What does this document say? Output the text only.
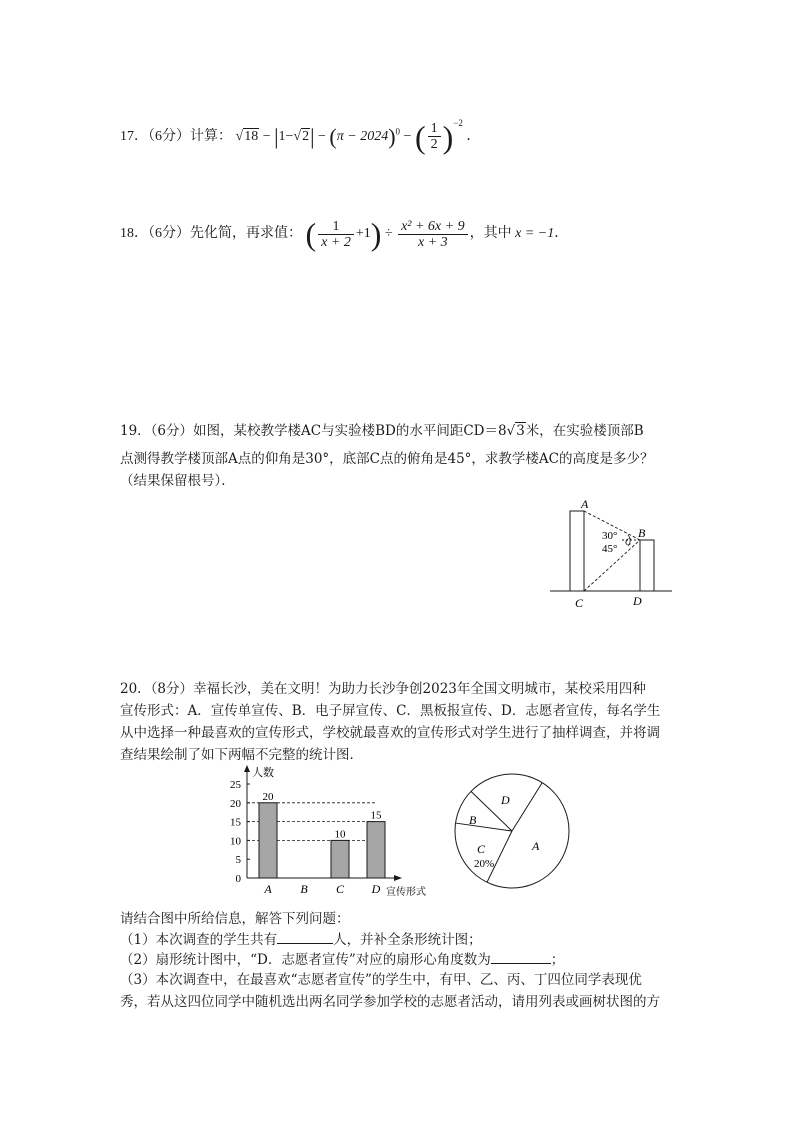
17．（6分）计算： $√18 - |1-√2| - (\pi - 2024)^0$ − ( $\frac{1}{2} )^{-2}$ ．
18．（6分）先化简，再求值： ( $\frac{1}{x + 2} +1) \div \frac{\text{x² + 6x + 9}}{x + 3}$ ，其中 x = −1．
19．（6分）如图，某校教学楼AC与实验楼BD的水平间距CD＝8√3米，在实验楼顶部B
点测得教学楼顶部A点的仰角是30°，底部C点的俯角是45°，求教学楼AC的高度是多少？
（结果保留根号）．
A
B
C
30°
45°
C	D
20．（8分）幸福长沙，美在文明！为助力长沙争创2023年全国文明城市，某校采用四种
宣传形式：A．宣传单宣传、B．电子屏宣传、C．黑板报宣传、D．志愿者宣传，每名学生
从中选择一种最喜欢的宣传形式，学校就最喜欢的宣传形式对学生进行了抽样调查，并将调
查结果绘制了如下两幅不完整的统计图．
人数
宣传形式
0
5
10
15
20
25
20
A B
10
C
15
D
A
C
20%
B
D
请结合图中所给信息，解答下列问题：
（1）本次调查的学生共有	人，并补全条形统计图；
（2）扇形统计图中，“D．志愿者宣传”对应的扇形心角度数为	；
（3）本次调查中，在最喜欢“志愿者宣传”的学生中，有甲、乙、丙、丁四位同学表现优
秀，若从这四位同学中随机选出两名同学参加学校的志愿者活动，请用列表或画树状图的方
